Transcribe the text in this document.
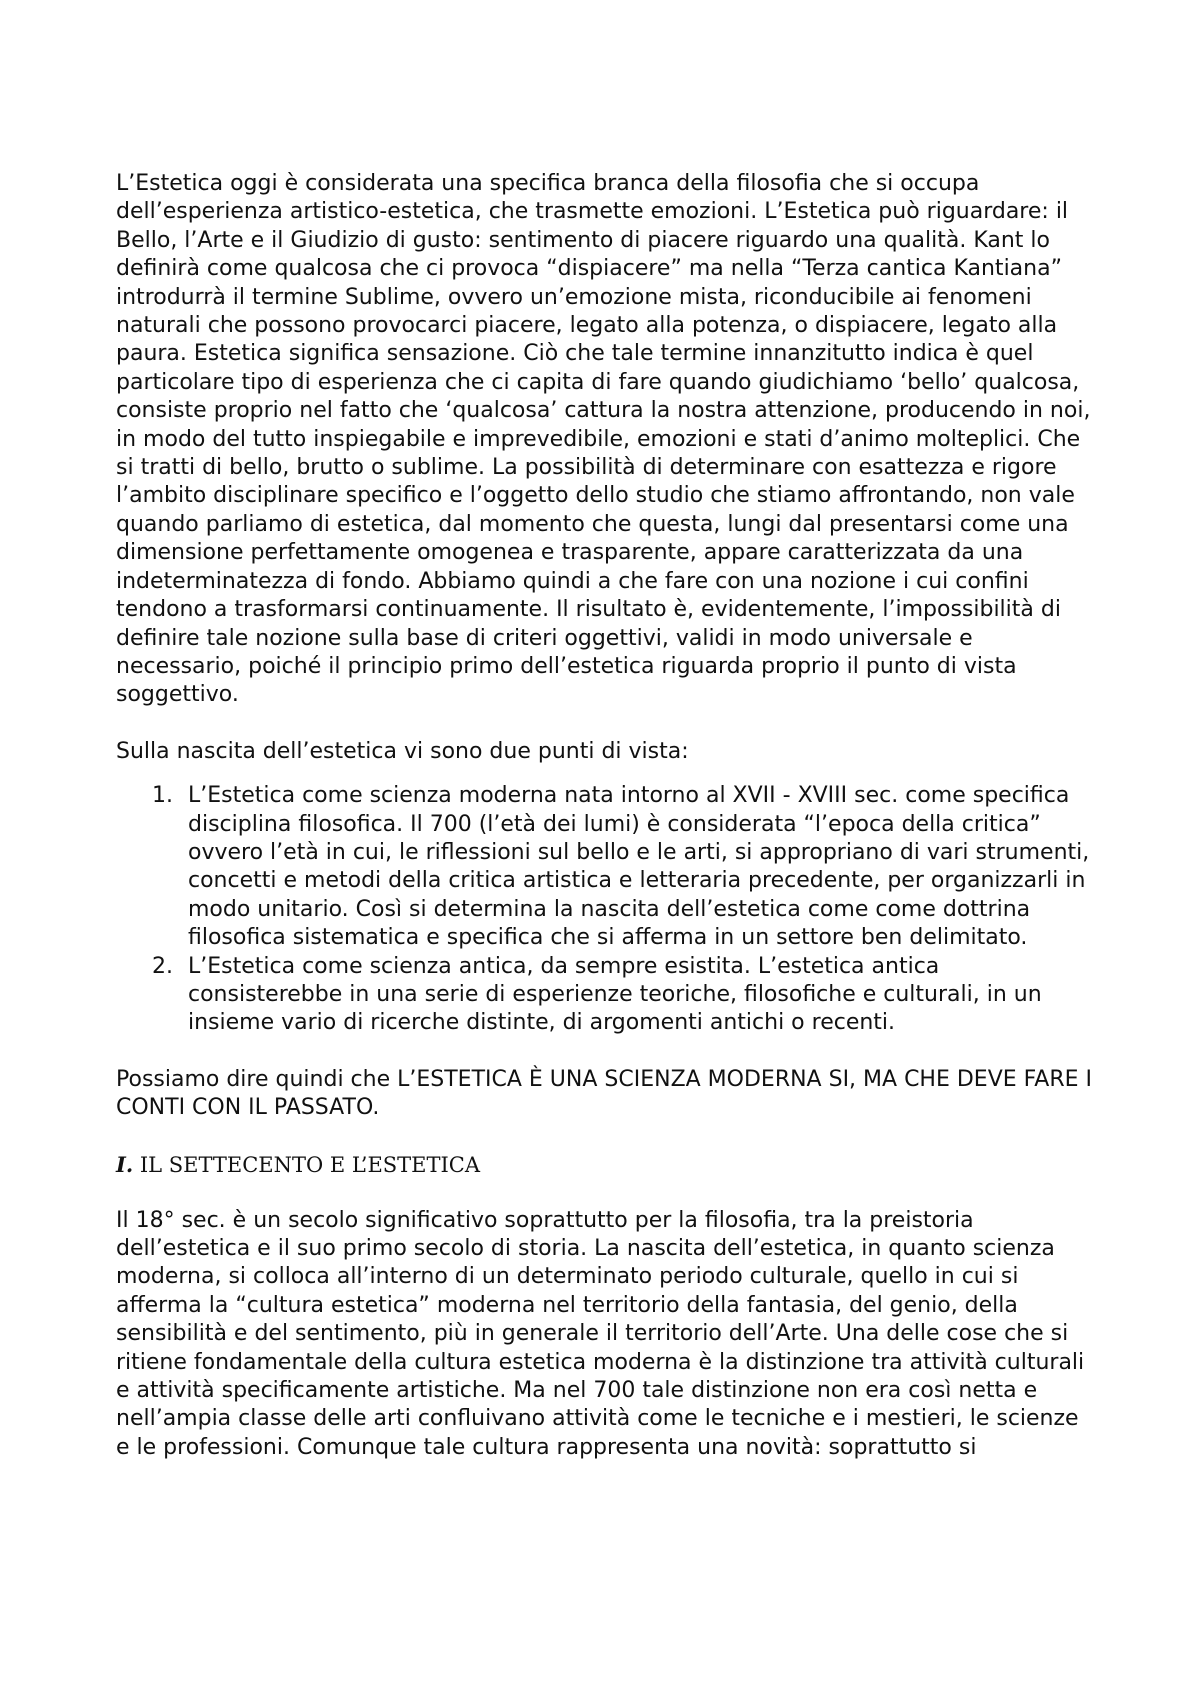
L’Estetica oggi è considerata una specifica branca della filosofia che si occupa dell’esperienza artistico-estetica, che trasmette emozioni. L’Estetica può riguardare: il Bello, l’Arte e il Giudizio di gusto: sentimento di piacere riguardo una qualità. Kant lo definirà come qualcosa che ci provoca “dispiacere” ma nella “Terza cantica Kantiana” introdurrà il termine Sublime, ovvero un’emozione mista, riconducibile ai fenomeni naturali che possono provocarci piacere, legato alla potenza, o dispiacere, legato alla paura. Estetica significa sensazione. Ciò che tale termine innanzitutto indica è quel particolare tipo di esperienza che ci capita di fare quando giudichiamo ‘bello’ qualcosa, consiste proprio nel fatto che ‘qualcosa’ cattura la nostra attenzione, producendo in noi, in modo del tutto inspiegabile e imprevedibile, emozioni e stati d’animo molteplici. Che si tratti di bello, brutto o sublime. La possibilità di determinare con esattezza e rigore l’ambito disciplinare specifico e l’oggetto dello studio che stiamo affrontando, non vale quando parliamo di estetica, dal momento che questa, lungi dal presentarsi come una dimensione perfettamente omogenea e trasparente, appare caratterizzata da una indeterminatezza di fondo. Abbiamo quindi a che fare con una nozione i cui confini tendono a trasformarsi continuamente. Il risultato è, evidentemente, l’impossibilità di definire tale nozione sulla base di criteri oggettivi, validi in modo universale e necessario, poiché il principio primo dell’estetica riguarda proprio il punto di vista soggettivo.

Sulla nascita dell’estetica vi sono due punti di vista:

1. L’Estetica come scienza moderna nata intorno al XVII - XVIII sec. come specifica disciplina filosofica. Il 700 (l’età dei lumi) è considerata “l’epoca della critica” ovvero l’età in cui, le riflessioni sul bello e le arti, si appropriano di vari strumenti, concetti e metodi della critica artistica e letteraria precedente, per organizzarli in modo unitario. Così si determina la nascita dell’estetica come come dottrina filosofica sistematica e specifica che si afferma in un settore ben delimitato.
2. L’Estetica come scienza antica, da sempre esistita. L’estetica antica consisterebbe in una serie di esperienze teoriche, filosofiche e culturali, in un insieme vario di ricerche distinte, di argomenti antichi o recenti.

Possiamo dire quindi che L’ESTETICA È UNA SCIENZA MODERNA SI, MA CHE DEVE FARE I CONTI CON IL PASSATO.

I. IL SETTECENTO E L’ESTETICA

Il 18° sec. è un secolo significativo soprattutto per la filosofia, tra la preistoria dell’estetica e il suo primo secolo di storia. La nascita dell’estetica, in quanto scienza moderna, si colloca all’interno di un determinato periodo culturale, quello in cui si afferma la “cultura estetica” moderna nel territorio della fantasia, del genio, della sensibilità e del sentimento, più in generale il territorio dell’Arte. Una delle cose che si ritiene fondamentale della cultura estetica moderna è la distinzione tra attività culturali e attività specificamente artistiche. Ma nel 700 tale distinzione non era così netta e nell’ampia classe delle arti confluivano attività come le tecniche e i mestieri, le scienze e le professioni. Comunque tale cultura rappresenta una novità: soprattutto si
